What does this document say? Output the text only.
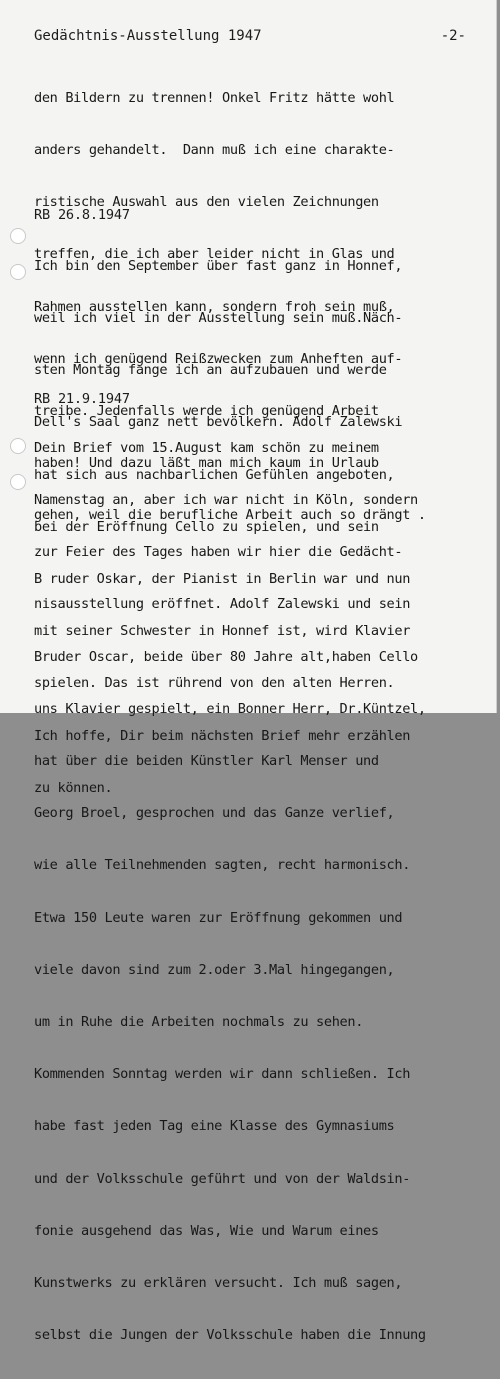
Gedächtnis-Ausstellung 1947	-2-

den Bildern zu trennen! Onkel Fritz hätte wohl

anders gehandelt.  Dann muß ich eine charakte-

ristische Auswahl aus den vielen Zeichnungen

treffen, die ich aber leider nicht in Glas und

Rahmen ausstellen kann, sondern froh sein muß,

wenn ich genügend Reißzwecken zum Anheften auf-

treibe. Jedenfalls werde ich genügend Arbeit

haben! Und dazu läßt man mich kaum in Urlaub

gehen, weil die berufliche Arbeit auch so drängt .

RB 26.8.1947

Ich bin den September über fast ganz in Honnef,

weil ich viel in der Ausstellung sein muß.Näch-

sten Montag fange ich an aufzubauen und werde

Dell's Saal ganz nett bevölkern. Adolf Zalewski

hat sich aus nachbarlichen Gefühlen angeboten,

bei der Eröffnung Cello zu spielen, und sein

B ruder Oskar, der Pianist in Berlin war und nun

mit seiner Schwester in Honnef ist, wird Klavier

spielen. Das ist rührend von den alten Herren.

Ich hoffe, Dir beim nächsten Brief mehr erzählen

zu können.

RB 21.9.1947

Dein Brief vom 15.August kam schön zu meinem

Namenstag an, aber ich war nicht in Köln, sondern

zur Feier des Tages haben wir hier die Gedächt-

nisausstellung eröffnet. Adolf Zalewski und sein

Bruder Oscar, beide über 80 Jahre alt,haben Cello

uns Klavier gespielt, ein Bonner Herr, Dr.Küntzel,

hat über die beiden Künstler Karl Menser und

Georg Broel, gesprochen und das Ganze verlief,

wie alle Teilnehmenden sagten, recht harmonisch.

Etwa 150 Leute waren zur Eröffnung gekommen und

viele davon sind zum 2.oder 3.Mal hingegangen,

um in Ruhe die Arbeiten nochmals zu sehen.

Kommenden Sonntag werden wir dann schließen. Ich

habe fast jeden Tag eine Klasse des Gymnasiums

und der Volksschule geführt und von der Waldsin-

fonie ausgehend das Was, Wie und Warum eines

Kunstwerks zu erklären versucht. Ich muß sagen,

selbst die Jungen der Volksschule haben die Innung
